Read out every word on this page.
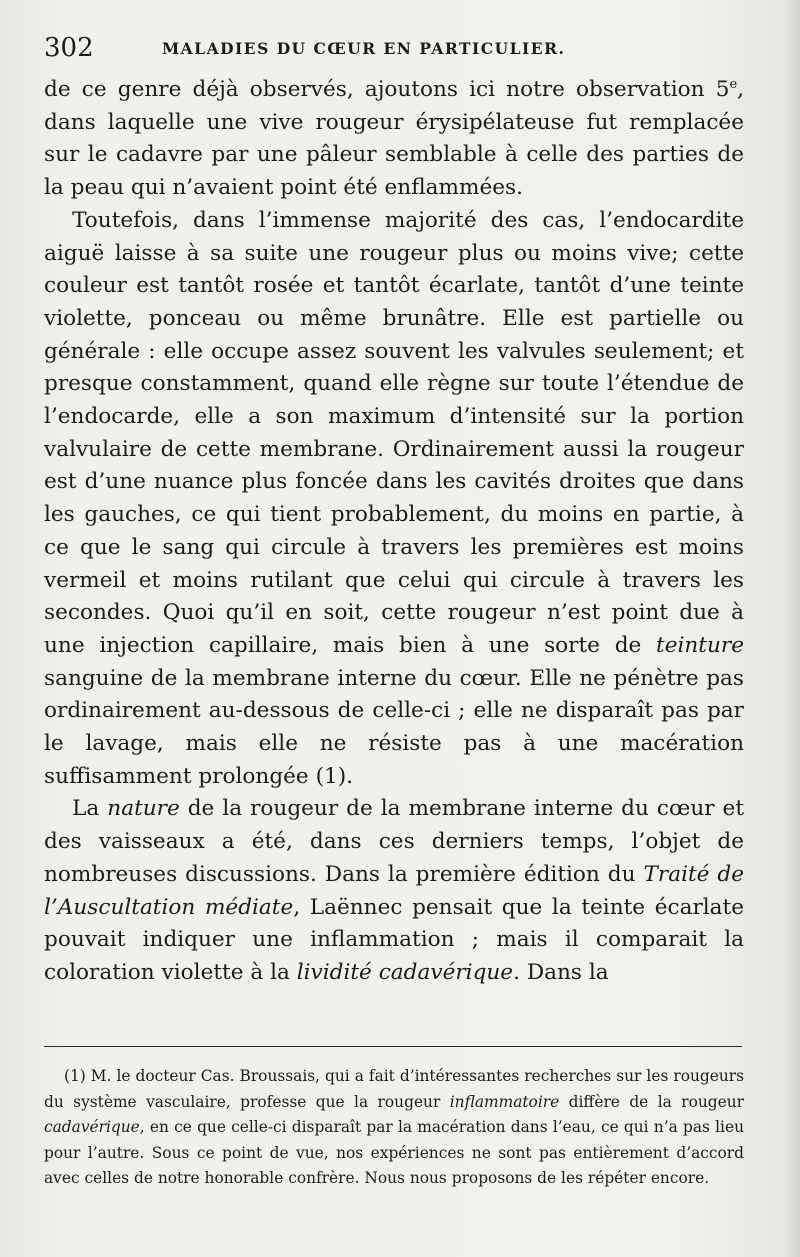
302	MALADIES DU CŒUR EN PARTICULIER.

de ce genre déjà observés, ajoutons ici notre observation 5e, dans laquelle une vive rougeur érysipélateuse fut remplacée sur le cadavre par une pâleur semblable à celle des parties de la peau qui n’avaient point été enflammées.

Toutefois, dans l’immense majorité des cas, l’endocardite aiguë laisse à sa suite une rougeur plus ou moins vive; cette couleur est tantôt rosée et tantôt écarlate, tantôt d’une teinte violette, ponceau ou même brunâtre. Elle est partielle ou générale : elle occupe assez souvent les valvules seulement; et presque constamment, quand elle règne sur toute l’étendue de l’endocarde, elle a son maximum d’intensité sur la portion valvulaire de cette membrane. Ordinairement aussi la rougeur est d’une nuance plus foncée dans les cavités droites que dans les gauches, ce qui tient probablement, du moins en partie, à ce que le sang qui circule à travers les premières est moins vermeil et moins rutilant que celui qui circule à travers les secondes. Quoi qu’il en soit, cette rougeur n’est point due à une injection capillaire, mais bien à une sorte de teinture sanguine de la membrane interne du cœur. Elle ne pénètre pas ordinairement au-dessous de celle-ci ; elle ne disparaît pas par le lavage, mais elle ne résiste pas à une macération suffisamment prolongée (1).

La nature de la rougeur de la membrane interne du cœur et des vaisseaux a été, dans ces derniers temps, l’objet de nombreuses discussions. Dans la première édition du Traité de l’Auscultation médiate, Laënnec pensait que la teinte écarlate pouvait indiquer une inflammation ; mais il comparait la coloration violette à la lividité cadavérique. Dans la

(1) M. le docteur Cas. Broussais, qui a fait d’intéressantes recherches sur les rougeurs du système vasculaire, professe que la rougeur inflammatoire diffère de la rougeur cadavérique, en ce que celle-ci disparaît par la macération dans l’eau, ce qui n’a pas lieu pour l’autre. Sous ce point de vue, nos expériences ne sont pas entièrement d’accord avec celles de notre honorable confrère. Nous nous proposons de les répéter encore.
